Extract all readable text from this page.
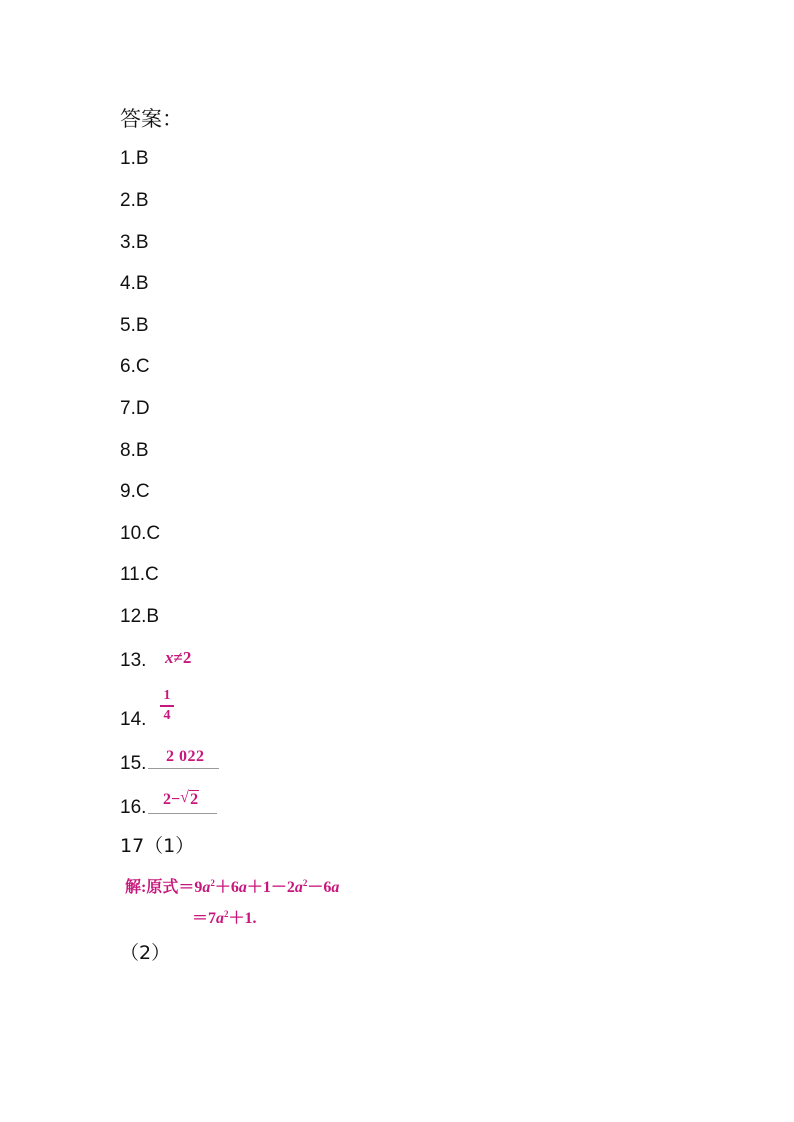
答案：
1.B
2.B
3.B
4.B
5.B
6.C
7.D
8.B
9.C
10.C
11.C
12.B
13. x≠2
14.
1
4
15. 2 022
16. 2− √ 2
17（1）
解:原式$=9a^2+6a+1-2a^2-6a$
$=7a^2+1$.
（2）
